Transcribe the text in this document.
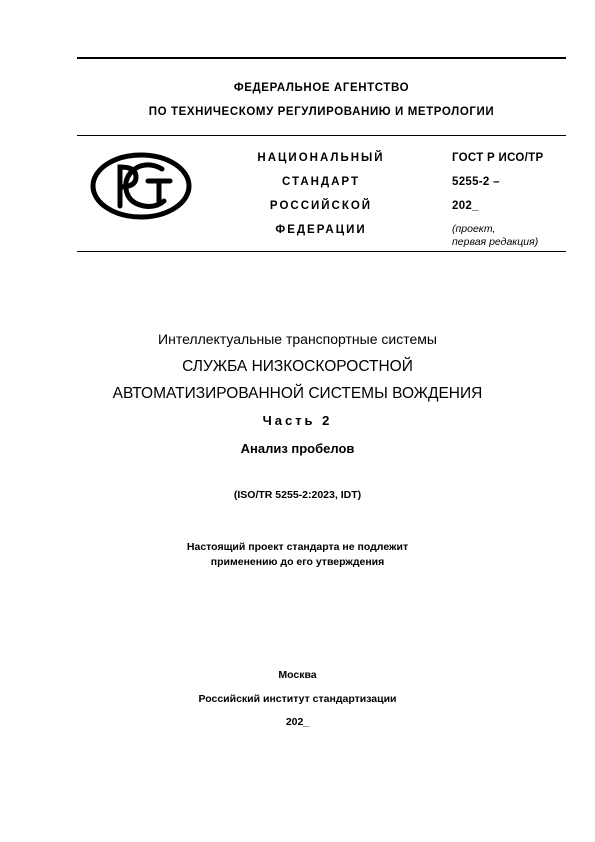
ФЕДЕРАЛЬНОЕ АГЕНТСТВО
ПО ТЕХНИЧЕСКОМУ РЕГУЛИРОВАНИЮ И МЕТРОЛОГИИ
НАЦИОНАЛЬНЫЙ
СТАНДАРТ
РОССИЙСКОЙ
ФЕДЕРАЦИИ
ГОСТ Р ИСО/ТР
5255-2 –
202_
(проект,
первая редакция)
Интеллектуальные транспортные системы
СЛУЖБА НИЗКОСКОРОСТНОЙ
АВТОМАТИЗИРОВАННОЙ СИСТЕМЫ ВОЖДЕНИЯ
Часть 2
Анализ пробелов
(ISO/TR 5255-2:2023, IDT)
Настоящий проект стандарта не подлежит
применению до его утверждения
Москва
Российский институт стандартизации
202_
